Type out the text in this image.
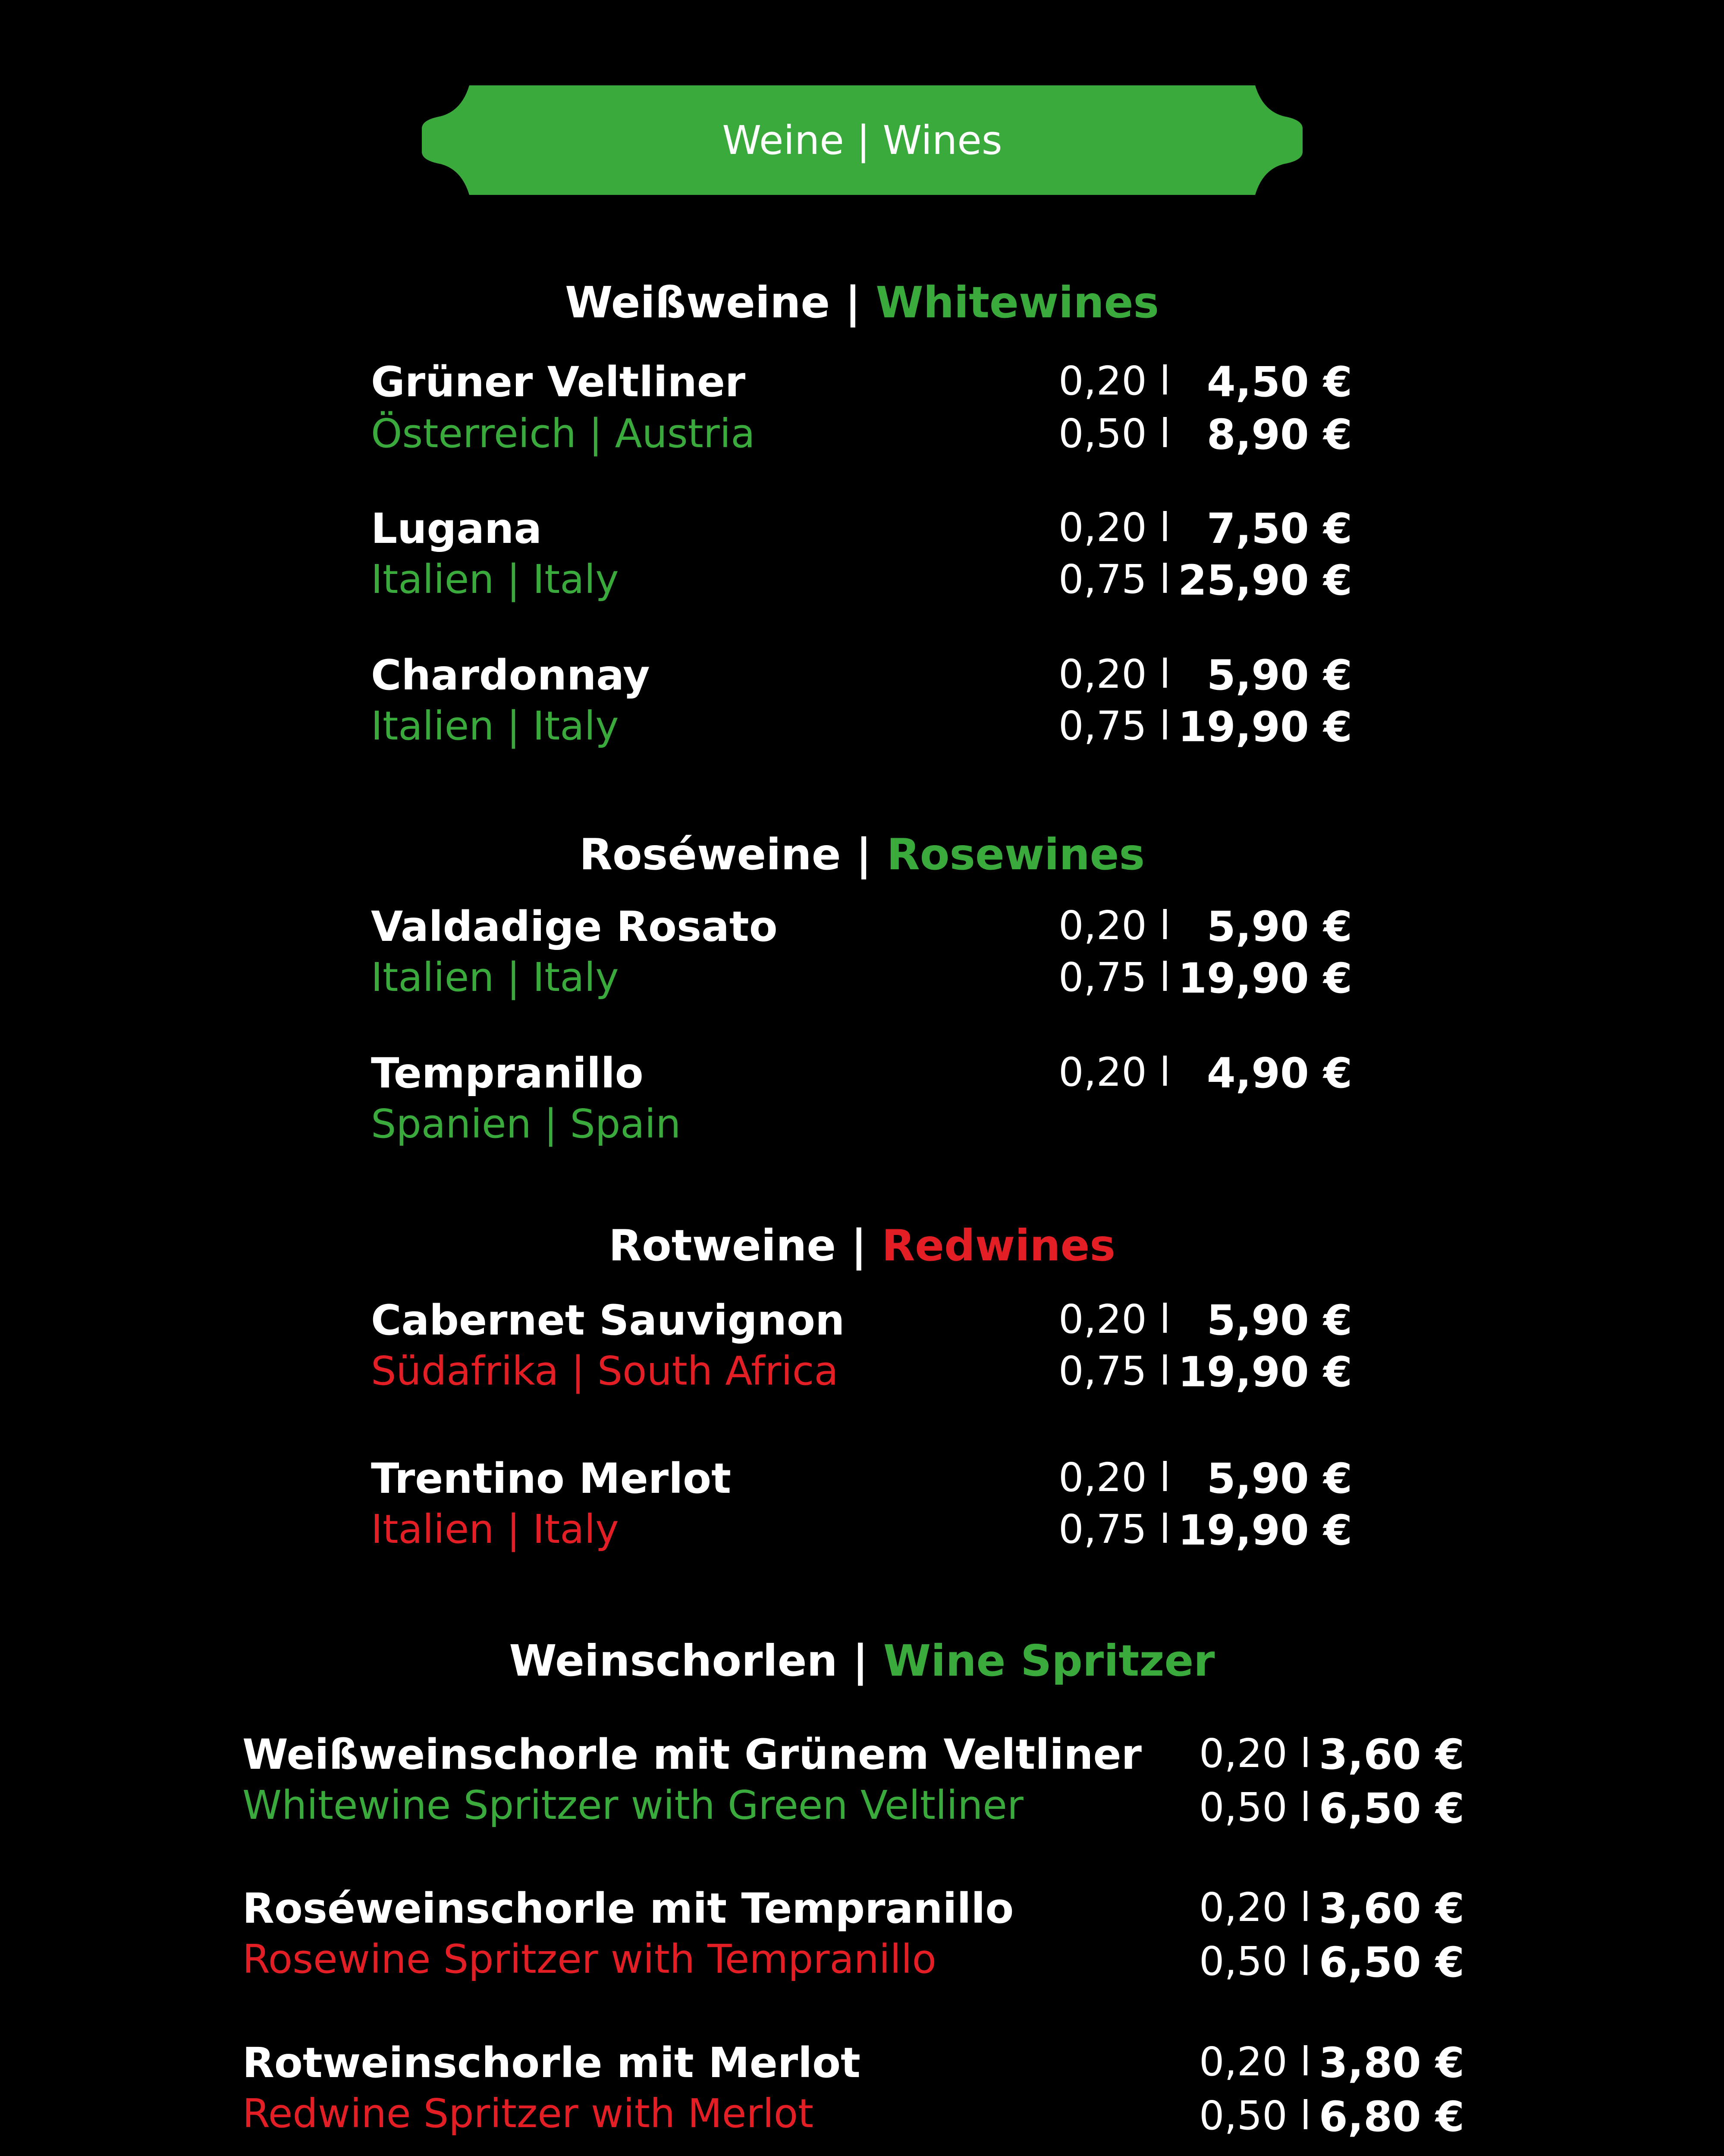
Weine | Wines
Weißweine | Whitewines
Grüner Veltliner
Österreich | Austria
0,20 l 4,50 €
0,50 l 8,90 €
Lugana
Italien | Italy
0,20 l 7,50 €
0,75 l 25,90 €
Chardonnay
Italien | Italy
0,20 l 5,90 €
0,75 l 19,90 €
Roséweine | Rosewines
Valdadige Rosato
Italien | Italy
0,20 l 5,90 €
0,75 l 19,90 €
Tempranillo
Spanien | Spain
0,20 l 4,90 €
Rotweine | Redwines
Cabernet Sauvignon
Südafrika | South Africa
0,20 l 5,90 €
0,75 l 19,90 €
Trentino Merlot
Italien | Italy
0,20 l 5,90 €
0,75 l 19,90 €
Weinschorlen | Wine Spritzer
Weißweinschorle mit Grünem Veltliner
Whitewine Spritzer with Green Veltliner
0,20 l 3,60 €
0,50 l 6,50 €
Roséweinschorle mit Tempranillo
Rosewine Spritzer with Tempranillo
0,20 l 3,60 €
0,50 l 6,50 €
Rotweinschorle mit Merlot
Redwine Spritzer with Merlot
0,20 l 3,80 €
0,50 l 6,80 €
